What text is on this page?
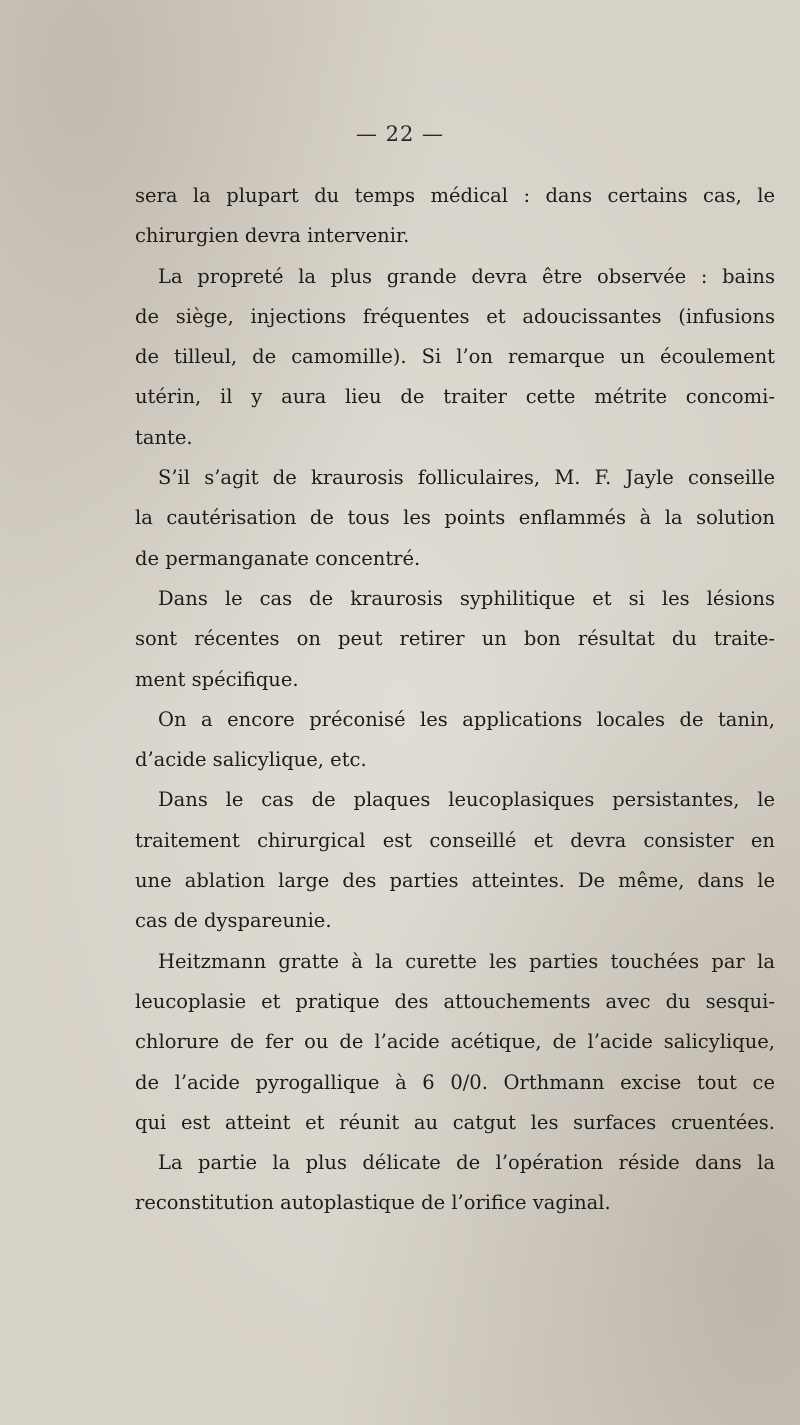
— 22 —
sera la plupart du temps médical : dans certains cas, le
chirurgien devra intervenir.
La propreté la plus grande devra être observée : bains
de siège, injections fréquentes et adoucissantes (infusions
de tilleul, de camomille). Si l’on remarque un écoulement
utérin, il y aura lieu de traiter cette métrite concomi-
tante.
S’il s’agit de kraurosis folliculaires, M. F. Jayle conseille
la cautérisation de tous les points enflammés à la solution
de permanganate concentré.
Dans le cas de kraurosis syphilitique et si les lésions
sont récentes on peut retirer un bon résultat du traite-
ment spécifique.
On a encore préconisé les applications locales de tanin,
d’acide salicylique, etc.
Dans le cas de plaques leucoplasiques persistantes, le
traitement chirurgical est conseillé et devra consister en
une ablation large des parties atteintes. De même, dans le
cas de dyspareunie.
Heitzmann gratte à la curette les parties touchées par la
leucoplasie et pratique des attouchements avec du sesqui-
chlorure de fer ou de l’acide acétique, de l’acide salicylique,
de l’acide pyrogallique à 6 0/0. Orthmann excise tout ce
qui est atteint et réunit au catgut les surfaces cruentées.
La partie la plus délicate de l’opération réside dans la
reconstitution autoplastique de l’orifice vaginal.
